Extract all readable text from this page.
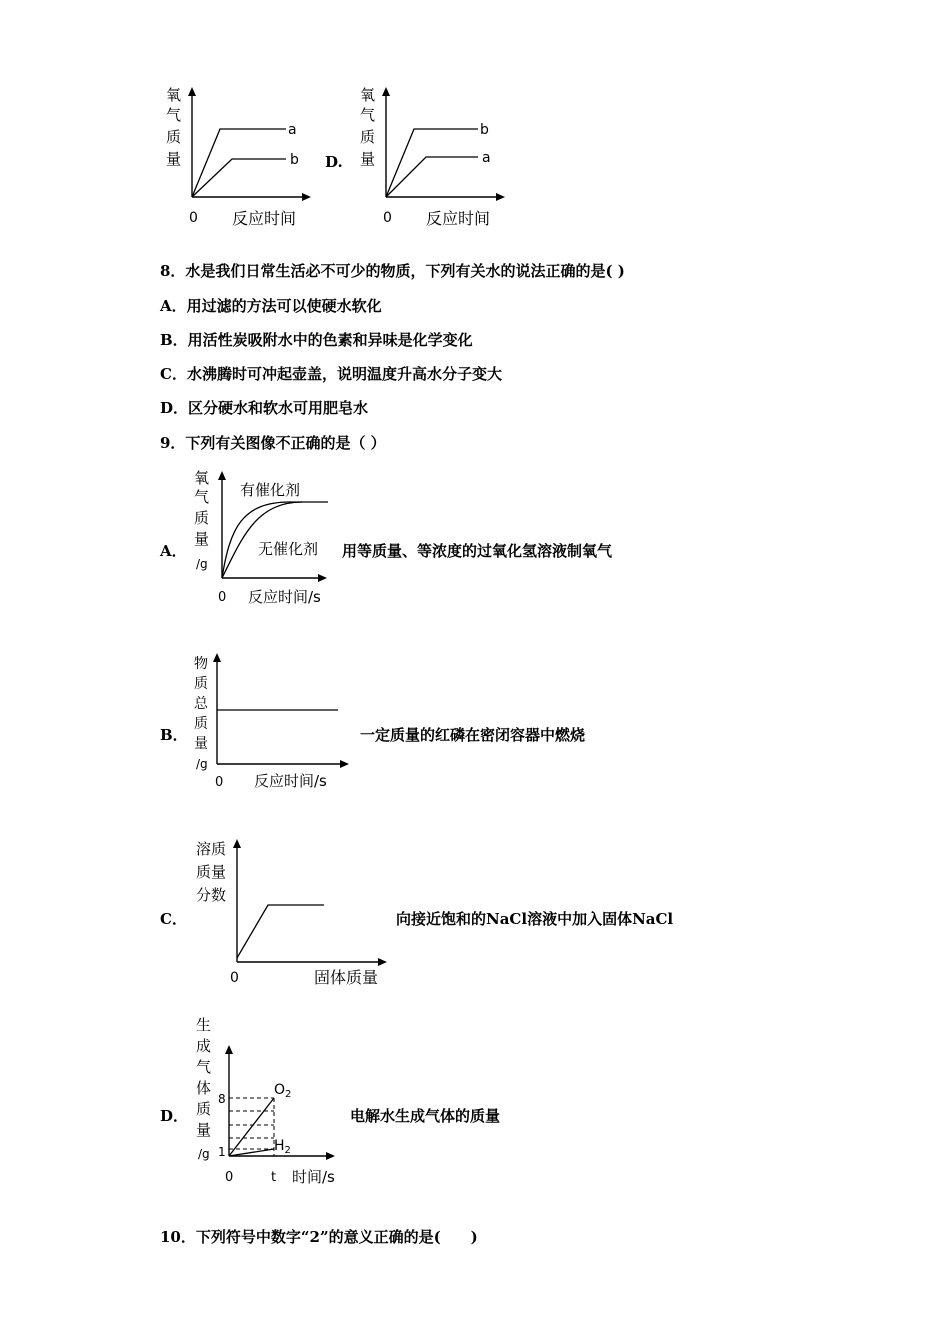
氧
气
质
量
a
b
0 反应时间
D.
氧
气
质
量
b
a
0 反应时间
8．水是我们日常生活必不可少的物质，下列有关水的说法正确的是( )
A．用过滤的方法可以使硬水软化
B．用活性炭吸附水中的色素和异味是化学变化
C．水沸腾时可冲起壶盖，说明温度升高水分子变大
D．区分硬水和软水可用肥皂水
9．下列有关图像不正确的是（ ）
A．
氧
气
质
量
/g
有催化剂
无催化剂
0 反应时间/s
用等质量、等浓度的过氧化氢溶液制氧气
B．
物
质
总
质
量
/g
0 反应时间/s
一定质量的红磷在密闭容器中燃烧
C．
溶质
质量
分数
0	固体质量
向接近饱和的NaCl溶液中加入固体NaCl
D．
生
成
气
体
质
量
/g
8
1
$O_2$
$H_2$
0	t 时间/s
电解水生成气体的质量
10．下列符号中数字“2”的意义正确的是(　　)
